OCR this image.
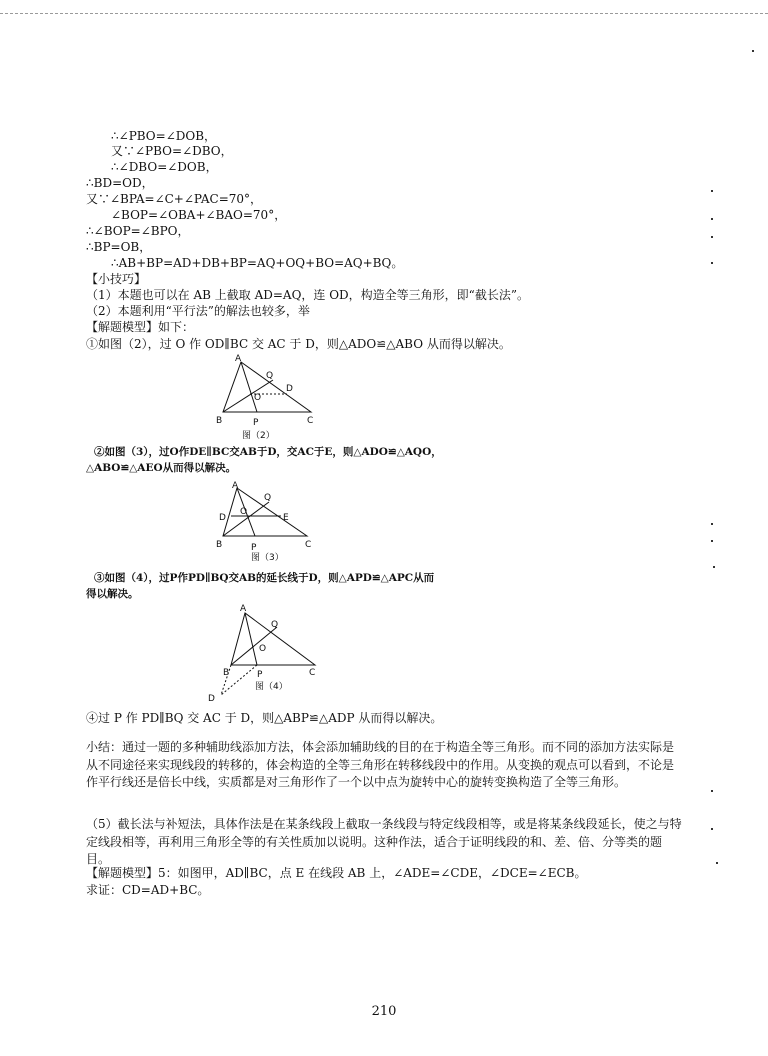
∴∠PBO=∠DOB，
又∵∠PBO=∠DBO，
∴∠DBO=∠DOB，
∴BD=OD，
又∵∠BPA=∠C+∠PAC=70°，
∠BOP=∠OBA+∠BAO=70°，
∴∠BOP=∠BPO，
∴BP=OB，
∴AB+BP=AD+DB+BP=AQ+OQ+BO=AQ+BQ。
【小技巧】
（1）本题也可以在 AB 上截取 AD=AQ，连 OD，构造全等三角形，即“截长法”。
（2）本题利用“平行法”的解法也较多，举
【解题模型】如下：
①如图（2），过 O 作 OD∥BC 交 AC 于 D，则△ADO≌△ABO 从而得以解决。
A
B	C
P
Q
O
D
图（2）
②如图（3），过O作DE∥BC交AB于D，交AC于E，则△ADO≌△AQO，
△ABO≌△AEO从而得以解决。
A
B	C
P
Q
O
D	E
图（3）
③如图（4），过P作PD∥BQ交AB的延长线于D，则△APD≌△APC从而
得以解决。
A
B	C
P
Q
O
D
图（4）
④过 P 作 PD∥BQ 交 AC 于 D，则△ABP≌△ADP 从而得以解决。
小结：通过一题的多种辅助线添加方法，体会添加辅助线的目的在于构造全等三角形。而不同的添加方法实际是从不同途径来实现线段的转移的，体会构造的全等三角形在转移线段中的作用。从变换的观点可以看到，不论是作平行线还是倍长中线，实质都是对三角形作了一个以中点为旋转中心的旋转变换构造了全等三角形。
（5）截长法与补短法，具体作法是在某条线段上截取一条线段与特定线段相等，或是将某条线段延长，使之与特定线段相等，再利用三角形全等的有关性质加以说明。这种作法，适合于证明线段的和、差、倍、分等类的题目。
【解题模型】5：如图甲，AD∥BC，点 E 在线段 AB 上，∠ADE=∠CDE，∠DCE=∠ECB。
求证：CD=AD+BC。
210
